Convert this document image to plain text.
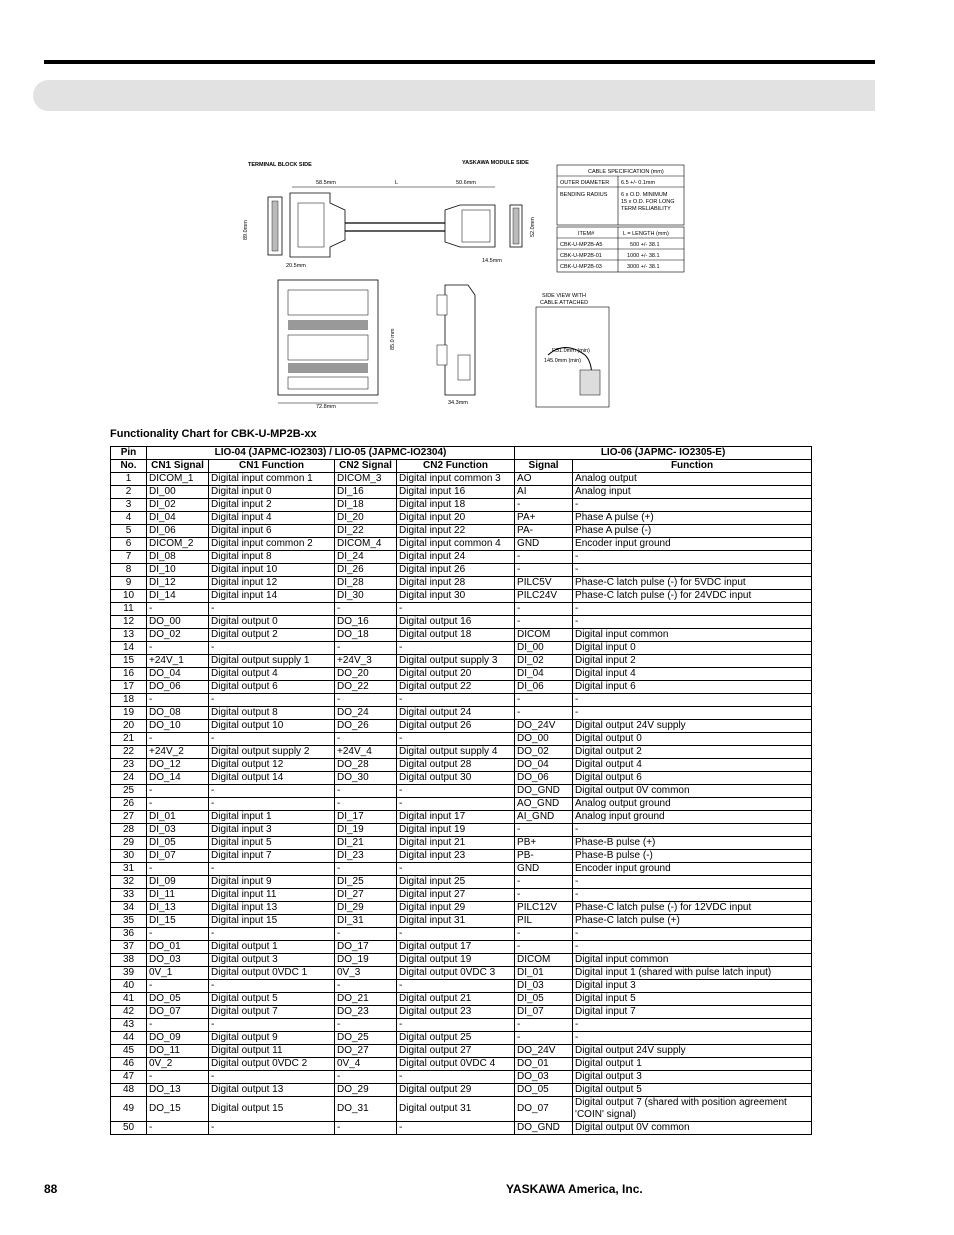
TERMINAL BLOCK SIDE	YASKAWA MODULE SIDE
58.5mm	L	50.6mm
89.0mm
20.5mm
52.0mm
14.5mm
CABLE SPECIFICATION (mm)
OUTER DIAMETER 6.5 +/- 0.1mm
BENDING RADIUS 6 x O.D. MINIMUM
15 x O.D. FOR LONG
TERM RELIABILITY
ITEM#	L = LENGTH (mm)
CBK-U-MP2B-A5	500 +/- 38.1
CBK-U-MP2B-01	1000 +/- 38.1
CBK-U-MP2B-03	3000 +/- 38.1
72.8mm
85.0 mm
34.3mm
SIDE VIEW WITH
CABLE ATTACHED
R51.0mm (min)
145.0mm (min)
Functionality Chart for CBK-U-MP2B-xx
Pin	LIO-04 (JAPMC-IO2303) / LIO-05 (JAPMC-IO2304)				LIO-06 (JAPMC- IO2305-E)	
No.	CN1 Signal	CN1 Function	CN2 Signal	CN2 Function	Signal	Function
1	DICOM_1	Digital input common 1	DICOM_3	Digital input common 3	AO	Analog output
2	DI_00	Digital input 0	DI_16	Digital input 16	AI	Analog input
3	DI_02	Digital input 2	DI_18	Digital input 18	-	-
4	DI_04	Digital input 4	DI_20	Digital input 20	PA+	Phase A pulse (+)
5	DI_06	Digital input 6	DI_22	Digital input 22	PA-	Phase A pulse (-)
6	DICOM_2	Digital input common 2	DICOM_4	Digital input common 4	GND	Encoder input ground
7	DI_08	Digital input 8	DI_24	Digital input 24	-	-
8	DI_10	Digital input 10	DI_26	Digital input 26	-	-
9	DI_12	Digital input 12	DI_28	Digital input 28	PILC5V	Phase-C latch pulse (-) for 5VDC input
10	DI_14	Digital input 14	DI_30	Digital input 30	PILC24V	Phase-C latch pulse (-) for 24VDC input
11	-	-	-	-	-	-
12	DO_00	Digital output 0	DO_16	Digital output 16	-	-
13	DO_02	Digital output 2	DO_18	Digital output 18	DICOM	Digital input common
14	-	-	-	-	DI_00	Digital input 0
15	+24V_1	Digital output supply 1	+24V_3	Digital output supply 3	DI_02	Digital input 2
16	DO_04	Digital output 4	DO_20	Digital output 20	DI_04	Digital input 4
17	DO_06	Digital output 6	DO_22	Digital output 22	DI_06	Digital input 6
18	-	-	-	-	-	-
19	DO_08	Digital output 8	DO_24	Digital output 24	-	-
20	DO_10	Digital output 10	DO_26	Digital output 26	DO_24V	Digital output 24V supply
21	-	-	-	-	DO_00	Digital output 0
22	+24V_2	Digital output supply 2	+24V_4	Digital output supply 4	DO_02	Digital output 2
23	DO_12	Digital output 12	DO_28	Digital output 28	DO_04	Digital output 4
24	DO_14	Digital output 14	DO_30	Digital output 30	DO_06	Digital output 6
25	-	-	-	-	DO_GND	Digital output 0V common
26	-	-	-	-	AO_GND	Analog output ground
27	DI_01	Digital input 1	DI_17	Digital input 17	AI_GND	Analog input ground
28	DI_03	Digital input 3	DI_19	Digital input 19	-	-
29	DI_05	Digital input 5	DI_21	Digital input 21	PB+	Phase-B pulse (+)
30	DI_07	Digital input 7	DI_23	Digital input 23	PB-	Phase-B pulse (-)
31	-	-	-	-	GND	Encoder input ground
32	DI_09	Digital input 9	DI_25	Digital input 25	-	-
33	DI_11	Digital input 11	DI_27	Digital input 27	-	-
34	DI_13	Digital input 13	DI_29	Digital input 29	PILC12V	Phase-C latch pulse (-) for 12VDC input
35	DI_15	Digital input 15	DI_31	Digital input 31	PIL	Phase-C latch pulse (+)
36	-	-	-	-	-	-
37	DO_01	Digital output 1	DO_17	Digital output 17	-	-
38	DO_03	Digital output 3	DO_19	Digital output 19	DICOM	Digital input common
39	0V_1	Digital output 0VDC 1	0V_3	Digital output 0VDC 3	DI_01	Digital input 1 (shared with pulse latch input)
40	-	-	-	-	DI_03	Digital input 3
41	DO_05	Digital output 5	DO_21	Digital output 21	DI_05	Digital input 5
42	DO_07	Digital output 7	DO_23	Digital output 23	DI_07	Digital input 7
43	-	-	-	-	-	-
44	DO_09	Digital output 9	DO_25	Digital output 25	-	-
45	DO_11	Digital output 11	DO_27	Digital output 27	DO_24V	Digital output 24V supply
46	0V_2	Digital output 0VDC 2	0V_4	Digital output 0VDC 4	DO_01	Digital output 1
47	-	-	-	-	DO_03	Digital output 3
48	DO_13	Digital output 13	DO_29	Digital output 29	DO_05	Digital output 5
49	DO_15	Digital output 15	DO_31	Digital output 31	DO_07	Digital output 7 (shared with position agreement 'COIN' signal)
50	-	-	-	-	DO_GND	Digital output 0V common
88	YASKAWA America, Inc.
